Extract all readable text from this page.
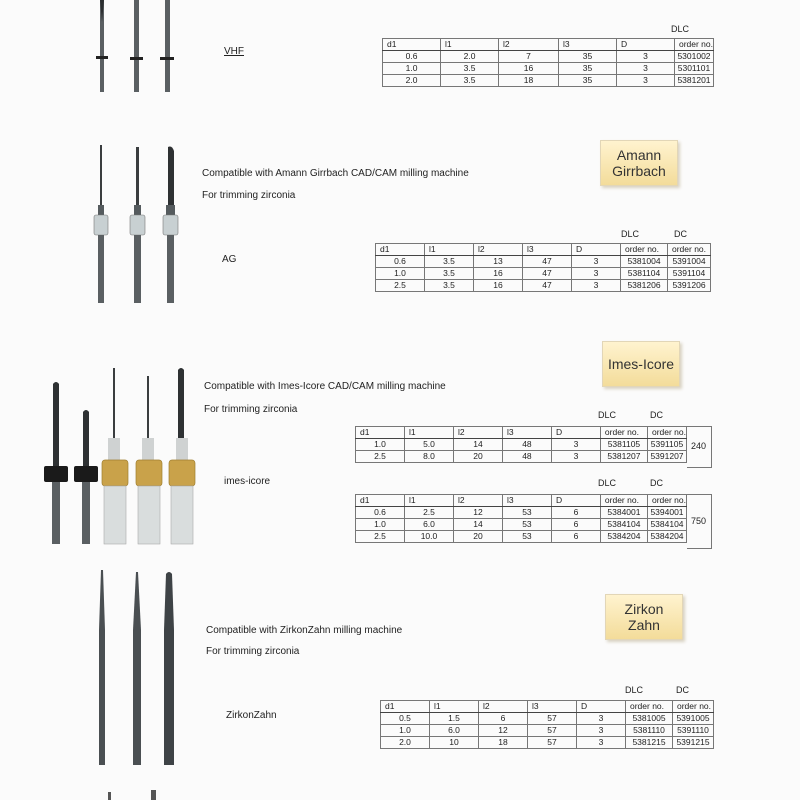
VHF
DLC
d1	l1	l2	l3	D	order no.
0.6	2.0	7	35	3	5301002
1.0	3.5	16	35	3	5301101
2.0	3.5	18	35	3	5381201
Amann
Girrbach
Compatible with Amann Girrbach CAD/CAM milling machine
For trimming zirconia
AG
DLC	DC
d1	l1	l2	l3	D	order no.	order no.
0.6	3.5	13	47	3	5381004	5391004
1.0	3.5	16	47	3	5381104	5391104
2.5	3.5	16	47	3	5381206	5391206
Imes-Icore
Compatible with Imes-Icore CAD/CAM milling machine
For trimming zirconia
imes-icore
DLC	DC
d1	l1	l2	l3	D	order no.	order no.
1.0	5.0	14	48	3	5381105	5391105
2.5	8.0	20	48	3	5381207	5391207
240
DLC	DC
d1	l1	l2	l3	D	order no.	order no.
0.6	2.5	12	53	6	5384001	5394001
1.0	6.0	14	53	6	5384104	5384104
2.5	10.0	20	53	6	5384204	5384204
750
Zirkon
Zahn
Compatible with ZirkonZahn milling machine
For trimming zirconia
ZirkonZahn
DLC	DC
d1	l1	l2	l3	D	order no.	order no.
0.5	1.5	6	57	3	5381005	5391005
1.0	6.0	12	57	3	5381110	5391110
2.0	10	18	57	3	5381215	5391215
